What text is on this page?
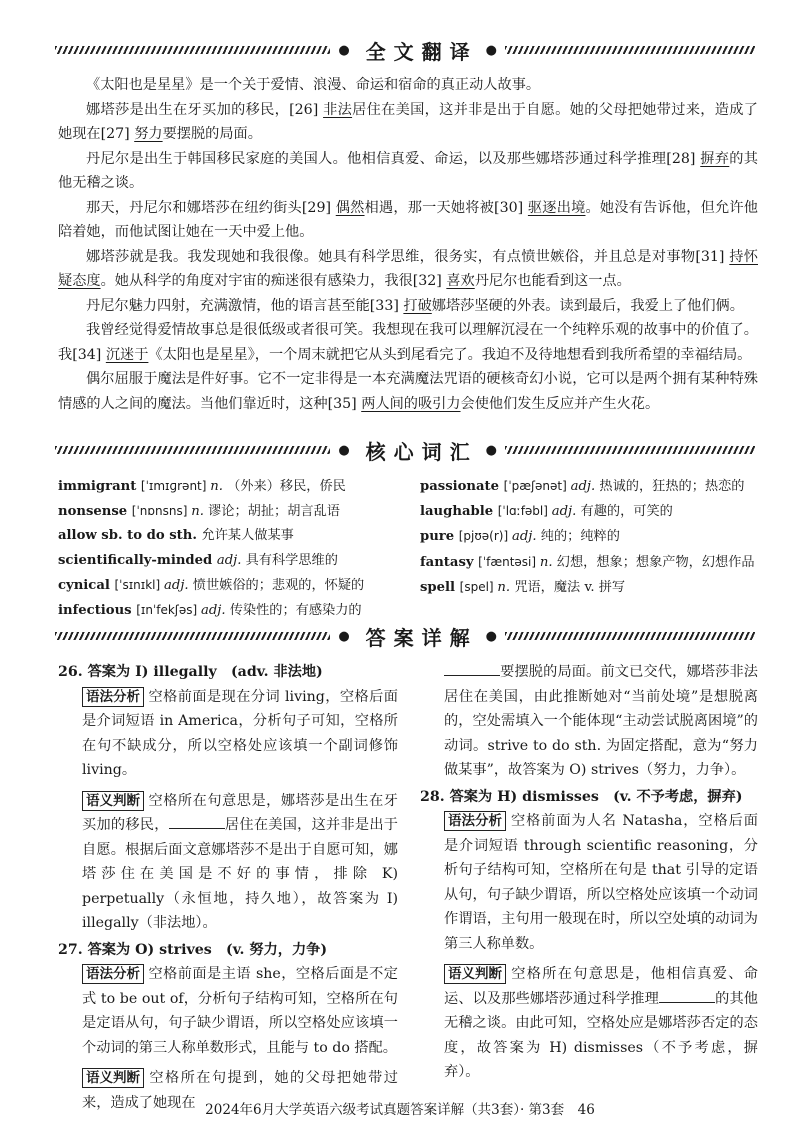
● 全文翻译 ●

《太阳也是星星》是一个关于爱情、浪漫、命运和宿命的真正动人故事。

娜塔莎是出生在牙买加的移民，[26] 非法居住在美国，这并非是出于自愿。她的父母把她带过来，造成了她现在[27] 努力要摆脱的局面。

丹尼尔是出生于韩国移民家庭的美国人。他相信真爱、命运，以及那些娜塔莎通过科学推理[28] 摒弃的其他无稽之谈。

那天，丹尼尔和娜塔莎在纽约街头[29] 偶然相遇，那一天她将被[30] 驱逐出境。她没有告诉他，但允许他陪着她，而他试图让她在一天中爱上他。

娜塔莎就是我。我发现她和我很像。她具有科学思维，很务实，有点愤世嫉俗，并且总是对事物[31] 持怀疑态度。她从科学的角度对宇宙的痴迷很有感染力，我很[32] 喜欢丹尼尔也能看到这一点。

丹尼尔魅力四射，充满激情，他的语言甚至能[33] 打破娜塔莎坚硬的外表。读到最后，我爱上了他们俩。

我曾经觉得爱情故事总是很低级或者很可笑。我想现在我可以理解沉浸在一个纯粹乐观的故事中的价值了。我[34] 沉迷于《太阳也是星星》，一个周末就把它从头到尾看完了。我迫不及待地想看到我所希望的幸福结局。

偶尔屈服于魔法是件好事。它不一定非得是一本充满魔法咒语的硬核奇幻小说，它可以是两个拥有某种特殊情感的人之间的魔法。当他们靠近时，这种[35] 两人间的吸引力会使他们发生反应并产生火花。

● 核心词汇 ●
immigrant [ˈɪmɪɡrənt] n. （外来）移民，侨民
nonsense [ˈnɒnsns] n. 谬论；胡扯；胡言乱语
allow sb. to do sth. 允许某人做某事
scientifically-minded adj. 具有科学思维的
cynical [ˈsɪnɪkl] adj. 愤世嫉俗的；悲观的，怀疑的
infectious [ɪnˈfekʃəs] adj. 传染性的；有感染力的
passionate [ˈpæʃənət] adj. 热诚的，狂热的；热恋的
laughable [ˈlɑːfəbl] adj. 有趣的，可笑的
pure [pjʊə(r)] adj. 纯的；纯粹的
fantasy [ˈfæntəsi] n. 幻想，想象；想象产物，幻想作品
spell [spel] n. 咒语，魔法 v. 拼写
● 答案详解 ●
26. 答案为 I) illegally　 (adv. 非法地)
语法分析 空格前面是现在分词 living，空格后面是介词短语 in America，分析句子可知，空格所在句不缺成分，所以空格处应该填一个副词修饰 living。
语义判断 空格所在句意思是，娜塔莎是出生在牙买加的移民，	居住在美国，这并非是出于自愿。根据后面文意娜塔莎不是出于自愿可知，娜塔莎住在美国是不好的事情，排除 K) perpetually（永恒地，持久地），故答案为 I) illegally（非法地）。
27. 答案为 O) strives　 (v. 努力，力争)
语法分析 空格前面是主语 she，空格后面是不定式 to be out of，分析句子结构可知，空格所在句是定语从句，句子缺少谓语，所以空格处应该填一个动词的第三人称单数形式，且能与 to do 搭配。
语义判断 空格所在句提到，她的父母把她带过来，造成了她现在
要摆脱的局面。前文已交代，娜塔莎非法居住在美国，由此推断她对“当前处境”是想脱离的，空处需填入一个能体现“主动尝试脱离困境”的动词。strive to do sth. 为固定搭配，意为“努力做某事”，故答案为 O) strives（努力，力争）。
28. 答案为 H) dismisses　 (v. 不予考虑，摒弃)
语法分析 空格前面为人名 Natasha，空格后面是介词短语 through scientific reasoning，分析句子结构可知，空格所在句是 that 引导的定语从句，句子缺少谓语，所以空格处应该填一个动词作谓语，主句用一般现在时，所以空处填的动词为第三人称单数。
语义判断 空格所在句意思是，他相信真爱、命运、以及那些娜塔莎通过科学推理	的其他无稽之谈。由此可知，空格处应是娜塔莎否定的态度，故答案为 H) dismisses（不予考虑，摒弃）。
2024年6月大学英语六级考试真题答案详解（共3套）· 第3套　46
